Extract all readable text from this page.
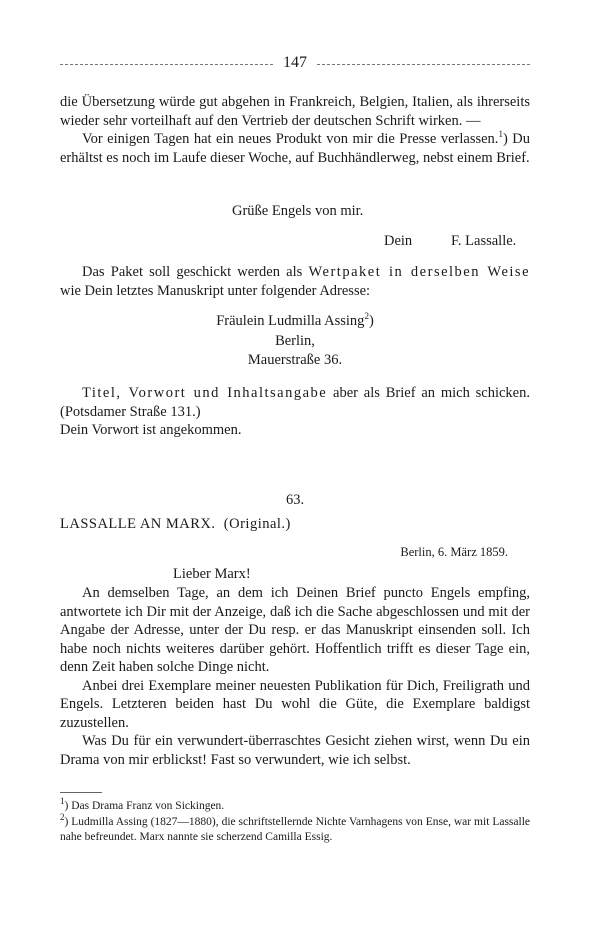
147

die Übersetzung würde gut abgehen in Frankreich, Belgien, Italien, als ihrerseits wieder sehr vorteilhaft auf den Vertrieb der deutschen Schrift wirken. —

Vor einigen Tagen hat ein neues Produkt von mir die Presse verlassen.$^1$) Du erhältst es noch im Laufe dieser Woche, auf Buchhändlerweg, nebst einem Brief.

Grüße Engels von mir.
Dein	F. Lassalle.

Das Paket soll geschickt werden als Wertpaket in derselben Weise wie Dein letztes Manuskript unter folgender Adresse:

Fräulein Ludmilla Assing$^2$)
Berlin,
Mauerstraße 36.

Titel, Vorwort und Inhaltsangabe aber als Brief an mich schicken. (Potsdamer Straße 131.)

Dein Vorwort ist angekommen.

63.
LASSALLE AN MARX. (Original.)
Berlin, 6. März 1859.
Lieber Marx!

An demselben Tage, an dem ich Deinen Brief puncto Engels empfing, antwortete ich Dir mit der Anzeige, daß ich die Sache abgeschlossen und mit der Angabe der Adresse, unter der Du resp. er das Manuskript einsenden soll. Ich habe noch nichts weiteres darüber gehört. Hoffentlich trifft es dieser Tage ein, denn Zeit haben solche Dinge nicht.

Anbei drei Exemplare meiner neuesten Publikation für Dich, Freiligrath und Engels. Letzteren beiden hast Du wohl die Güte, die Exemplare baldigst zuzustellen.

Was Du für ein verwundert-überraschtes Gesicht ziehen wirst, wenn Du ein Drama von mir erblickst! Fast so verwundert, wie ich selbst.

$^1$) Das Drama Franz von Sickingen.
$^2$) Ludmilla Assing (1827—1880), die schriftstellernde Nichte Varnhagens von Ense, war mit Lassalle nahe befreundet. Marx nannte sie scherzend Camilla Essig.
